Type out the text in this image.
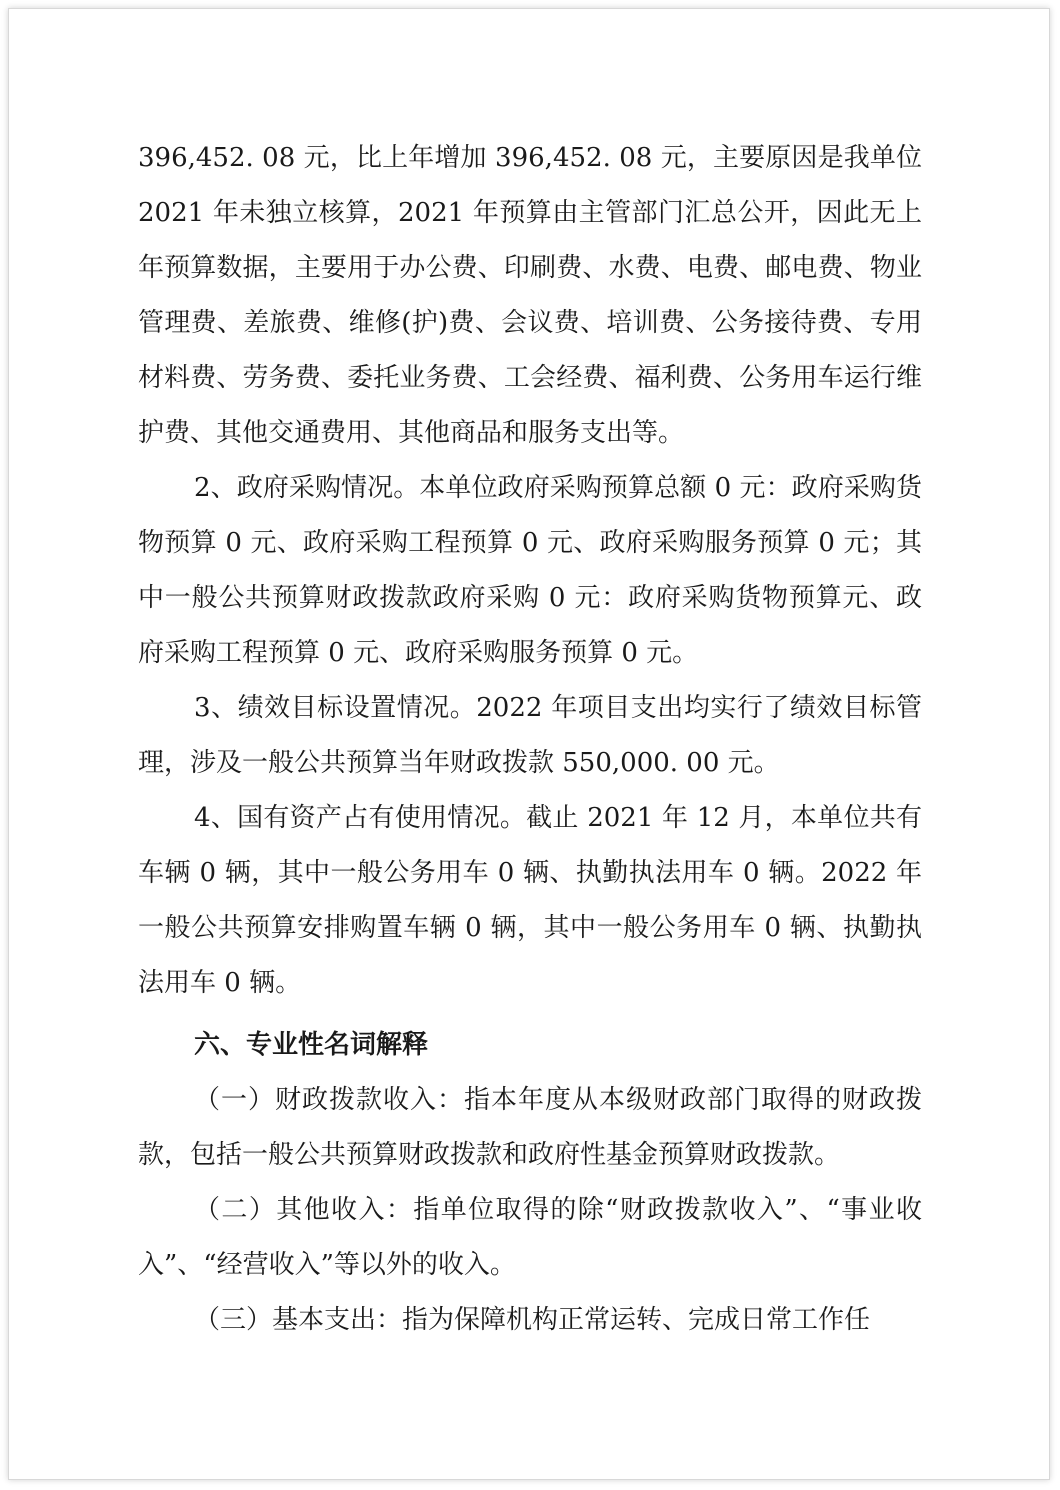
396,452. 08 元，比上年增加 396,452. 08 元，主要原因是我单位 2021 年未独立核算，2021 年预算由主管部门汇总公开，因此无上年预算数据，主要用于办公费、印刷费、水费、电费、邮电费、物业管理费、差旅费、维修(护)费、会议费、培训费、公务接待费、专用材料费、劳务费、委托业务费、工会经费、福利费、公务用车运行维护费、其他交通费用、其他商品和服务支出等。

2、政府采购情况。本单位政府采购预算总额 0 元：政府采购货物预算 0 元、政府采购工程预算 0 元、政府采购服务预算 0 元；其中一般公共预算财政拨款政府采购 0 元：政府采购货物预算元、政府采购工程预算 0 元、政府采购服务预算 0 元。

3、绩效目标设置情况。2022 年项目支出均实行了绩效目标管理，涉及一般公共预算当年财政拨款 550,000. 00 元。

4、国有资产占有使用情况。截止 2021 年 12 月，本单位共有车辆 0 辆，其中一般公务用车 0 辆、执勤执法用车 0 辆。2022 年一般公共预算安排购置车辆 0 辆，其中一般公务用车 0 辆、执勤执法用车 0 辆。

六、专业性名词解释

（一）财政拨款收入：指本年度从本级财政部门取得的财政拨款，包括一般公共预算财政拨款和政府性基金预算财政拨款。

（二）其他收入：指单位取得的除“财政拨款收入”、“事业收入”、“经营收入”等以外的收入。

（三）基本支出：指为保障机构正常运转、完成日常工作任
